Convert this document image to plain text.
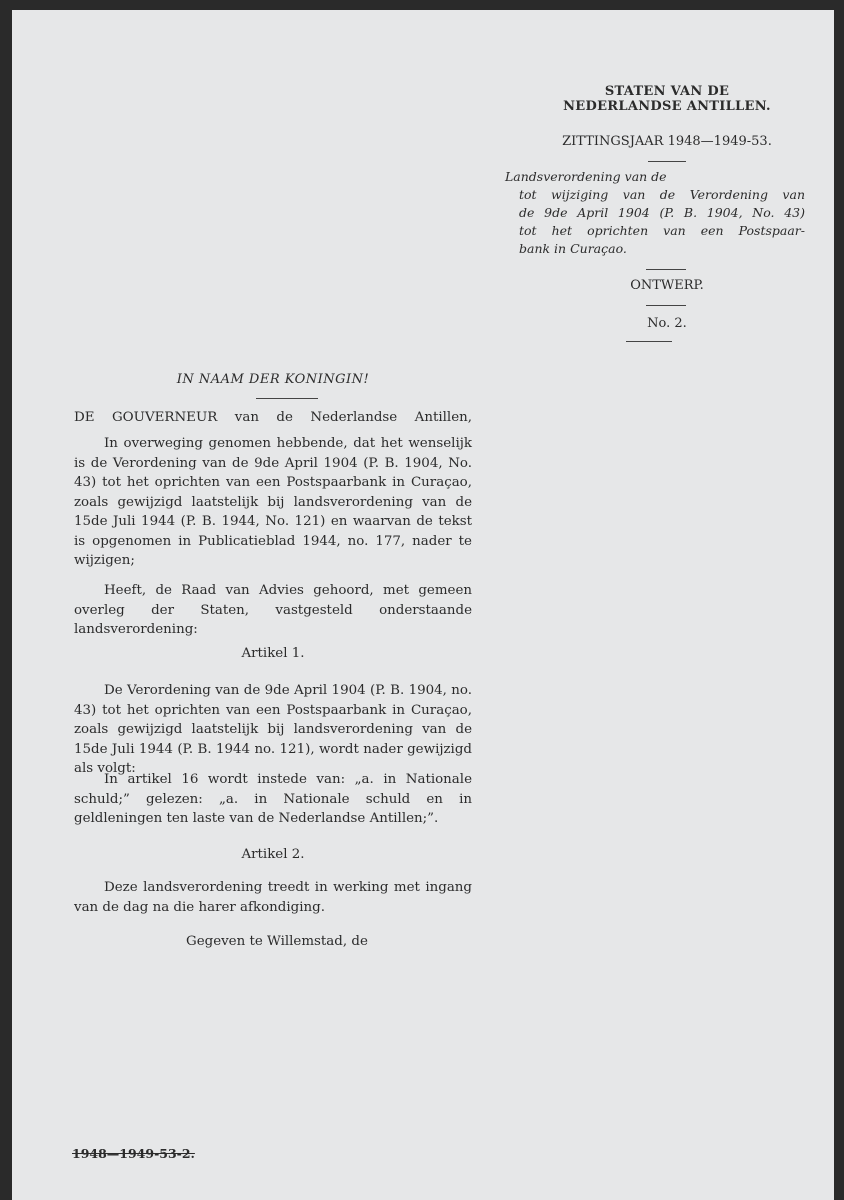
STATEN VAN DE
NEDERLANDSE ANTILLEN.
ZITTINGSJAAR 1948—1949-53.
Landsverordening van de
tot wijziging van de Verordening van
de 9de April 1904 (P. B. 1904, No. 43)
tot het oprichten van een Postspaar-
bank in Curaçao.
ONTWERP.
No. 2.
IN NAAM DER KONINGIN!
DE GOUVERNEUR van de Nederlandse Antillen,

In overweging genomen hebbende, dat het wenselijk is de Verordening van de 9de April 1904 (P. B. 1904, No. 43) tot het oprichten van een Postspaarbank in Curaçao, zoals gewijzigd laatstelijk bij landsverordening van de 15de Juli 1944 (P. B. 1944, No. 121) en waarvan de tekst is opgenomen in Publicatieblad 1944, no. 177, nader te wijzigen;

Heeft, de Raad van Advies gehoord, met gemeen overleg der Staten, vastgesteld onderstaande landsverordening:

Artikel 1.

De Verordening van de 9de April 1904 (P. B. 1904, no. 43) tot het oprichten van een Postspaarbank in Curaçao, zoals gewijzigd laatstelijk bij landsverordening van de 15de Juli 1944 (P. B. 1944 no. 121), wordt nader gewijzigd als volgt:

In artikel 16 wordt instede van: „a. in Nationale schuld;” gelezen: „a. in Nationale schuld en in geldleningen ten laste van de Nederlandse Antillen;”.

Artikel 2.

Deze landsverordening treedt in werking met ingang van de dag na die harer afkondiging.

Gegeven te Willemstad, de
1948—1949-53-2.
